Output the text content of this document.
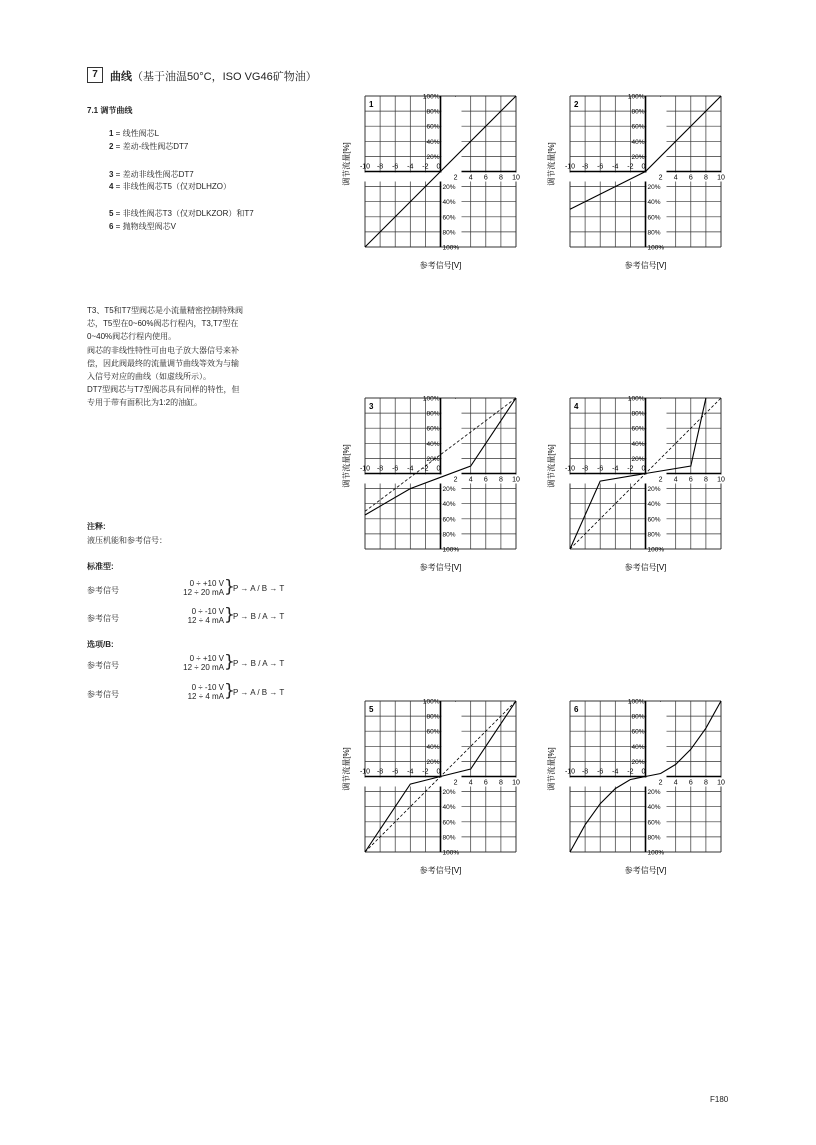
7	曲线（基于油温50°C，ISO VG46矿物油）
7.1 调节曲线
1 = 线性阀芯L
2 = 差动-线性阀芯DT7
3 = 差动非线性阀芯DT7
4 = 非线性阀芯T5（仅对DLHZO）
5 = 非线性阀芯T3（仅对DLKZOR）和T7
6 = 抛物线型阀芯V
T3、T5和T7型阀芯是小流量精密控制特殊阀
芯，T5型在0~60%阀芯行程内，T3,T7型在
0~40%阀芯行程内使用。
阀芯的非线性特性可由电子放大器信号来补
偿，因此阀最终的流量调节曲线等效为与输
入信号对应的曲线（如虚线所示）。
DT7型阀芯与T7型阀芯具有同样的特性，但
专用于带有面积比为1:2的油缸。
注释:
液压机能和参考信号：
标准型:
参考信号
0 ÷ +10 V
12 ÷ 20 mA }
P → A / B → T
参考信号
0 ÷ -10 V
12 ÷ 4 mA }
P → B / A → T
选项/B:
参考信号
0 ÷ +10 V
12 ÷ 20 mA }
P → B / A → T
参考信号
0 ÷ -10 V
12 ÷ 4 mA }
P → A / B → T
-10 -8 -6 -4 -2 0
2 4 6 8 10
100%
80%
60%
40%
20%
20%
40%
60%
80%
100%
1
参考信号[V]
调节流量[%]	-10 -8 -6 -4 -2 0
2 4 6 8 10
100%
80%
60%
40%
20%
20%
40%
60%
80%
100%
2
参考信号[V]
调节流量[%]
-10 -8 -6 -4 -2 0
2 4 6 8 10
100%
80%
60%
40%
20%
20%
40%
60%
80%
100%
3
参考信号[V]
调节流量[%]	-10 -8 -6 -4 -2 0
2 4 6 8 10
100%
80%
60%
40%
20%
20%
40%
60%
80%
100%
4
参考信号[V]
调节流量[%]
-10 -8 -6 -4 -2 0
2 4 6 8 10
100%
80%
60%
40%
20%
20%
40%
60%
80%
100%
5
参考信号[V]
调节流量[%]	-10 -8 -6 -4 -2 0
2 4 6 8 10
100%
80%
60%
40%
20%
20%
40%
60%
80%
100%
6
参考信号[V]
调节流量[%]
F180
